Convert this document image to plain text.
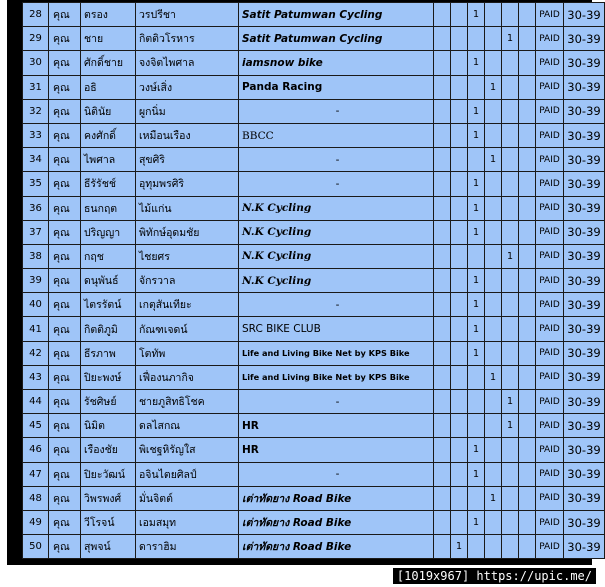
28	คุณ	ตรอง	วรปรีชา	Satit Patumwan Cycling			1				PAID	30-39
29	คุณ	ชาย	กิตติวโรหาร	Satit Patumwan Cycling					1		PAID	30-39
30	คุณ	ศักดิ์ชาย	จงจิตไพศาล	iamsnow bike			1				PAID	30-39
31	คุณ	อธิ	วงษ์เสิ่ง	Panda Racing				1			PAID	30-39
32	คุณ	นิตินัย	ผูกนิ่ม	-			1				PAID	30-39
33	คุณ	คงศักดิ์	เหมือนเรือง	BBCC			1				PAID	30-39
34	คุณ	ไพศาล	สุขศิริ	-				1			PAID	30-39
35	คุณ	ธีรัรัชช์	อุทุมพรศิริ	-			1				PAID	30-39
36	คุณ	ธนกฤต	ไม้แก่น	N.K Cycling			1				PAID	30-39
37	คุณ	ปริญญา	พิทักษ์อุดมชัย	N.K Cycling			1				PAID	30-39
38	คุณ	กฤช	ไชยศร	N.K Cycling					1		PAID	30-39
39	คุณ	ดนุพันธ์	จักรวาล	N.K Cycling			1				PAID	30-39
40	คุณ	ไตรรัตน์	เกตุสันเทียะ	-			1				PAID	30-39
41	คุณ	กิตติภูมิ	กัณฑเจดน์	SRC BIKE CLUB			1				PAID	30-39
42	คุณ	ธีรภาพ	โตทัพ	Life and Living Bike Net by KPS Bike			1				PAID	30-39
43	คุณ	ปิยะพงษ์	เฟื่องนภากิจ	Life and Living Bike Net by KPS Bike				1			PAID	30-39
44	คุณ	รัชศิษย์	ชายภูสิทธิโชค	-					1		PAID	30-39
45	คุณ	นิมิต	ดลไสกณ	HR					1		PAID	30-39
46	คุณ	เรืองชัย	พิเชฐหิรัญใส	HR			1				PAID	30-39
47	คุณ	ปิยะวัฒน์	อจินไตยศิลป์	-			1				PAID	30-39
48	คุณ	วิพรพงศ์	มั่นจิตต์	เต่าทัดยาง Road Bike				1			PAID	30-39
49	คุณ	วีโรจน์	เอมสมุท	เต่าทัดยาง Road Bike			1				PAID	30-39
50	คุณ	สุพจน์	ดาราฮิม	เต่าทัดยาง Road Bike		1					PAID	30-39
[1019x967] https://upic.me/
